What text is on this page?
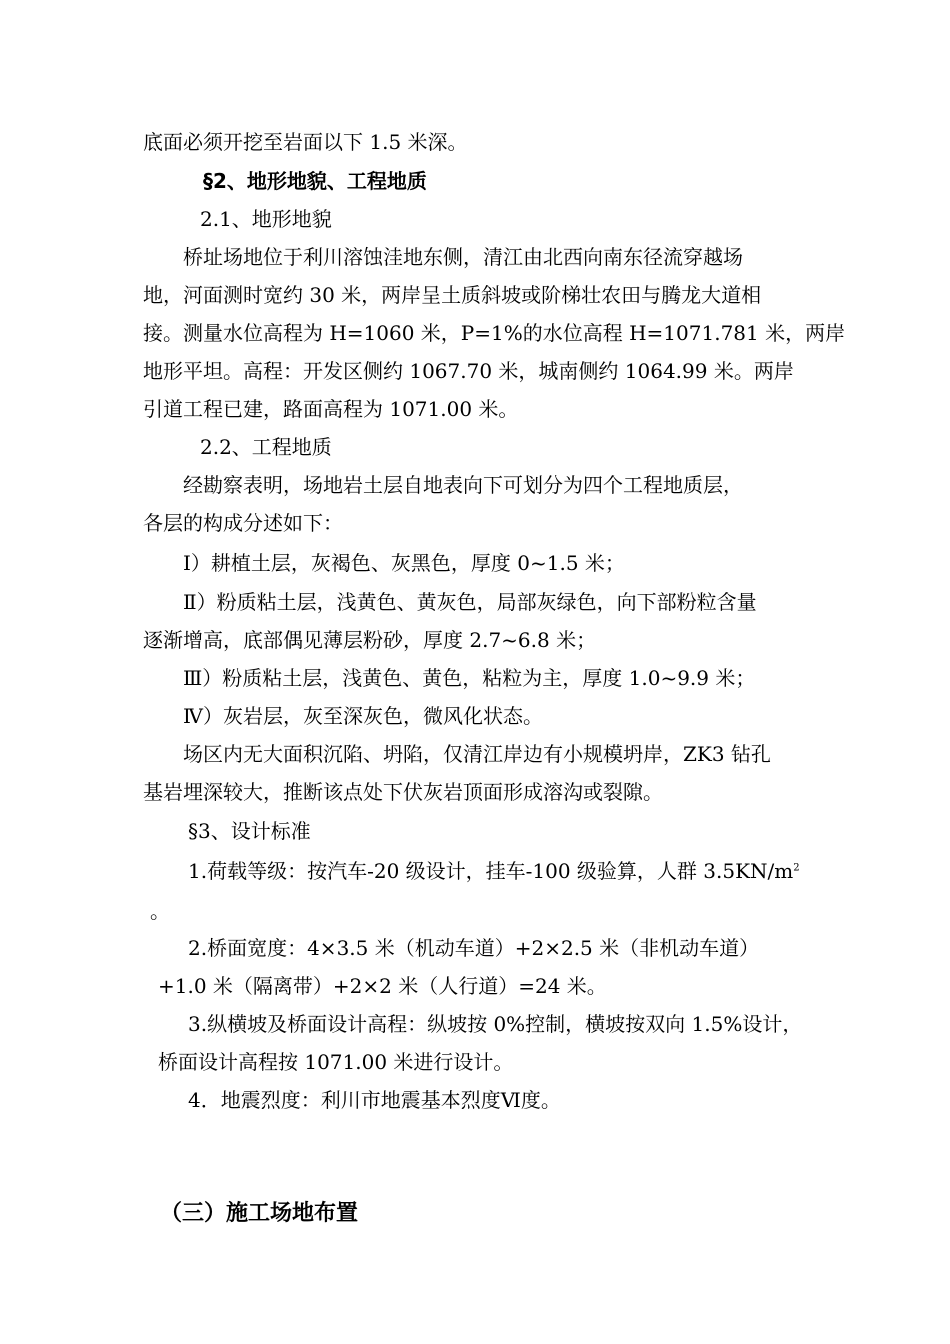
底面必须开挖至岩面以下 1.5 米深。
§2、地形地貌、工程地质
2.1、地形地貌
桥址场地位于利川溶蚀洼地东侧，清江由北西向南东径流穿越场
地，河面测时宽约 30 米，两岸呈土质斜坡或阶梯壮农田与腾龙大道相
接。测量水位高程为 H=1060 米，P=1%的水位高程 H=1071.781 米，两岸
地形平坦。高程：开发区侧约 1067.70 米，城南侧约 1064.99 米。两岸
引道工程已建，路面高程为 1071.00 米。
2.2、工程地质
经勘察表明，场地岩土层自地表向下可划分为四个工程地质层，
各层的构成分述如下：
Ⅰ）耕植土层，灰褐色、灰黑色，厚度 0~1.5 米；
Ⅱ）粉质粘土层，浅黄色、黄灰色，局部灰绿色，向下部粉粒含量
逐渐增高，底部偶见薄层粉砂，厚度 2.7~6.8 米；
Ⅲ）粉质粘土层，浅黄色、黄色，粘粒为主，厚度 1.0~9.9 米；
Ⅳ）灰岩层，灰至深灰色，微风化状态。
场区内无大面积沉陷、坍陷，仅清江岸边有小规模坍岸，ZK3 钻孔
基岩埋深较大，推断该点处下伏灰岩顶面形成溶沟或裂隙。
§3、设计标准
1.荷载等级：按汽车-20 级设计，挂车-100 级验算，人群 $3.5KN/m^2$
。
2.桥面宽度：4×3.5 米（机动车道）+2×2.5 米（非机动车道）
+1.0 米（隔离带）+2×2 米（人行道）=24 米。
3.纵横坡及桥面设计高程：纵坡按 0%控制，横坡按双向 1.5%设计，
桥面设计高程按 1071.00 米进行设计。
4．地震烈度：利川市地震基本烈度Ⅵ度。
（三）施工场地布置
